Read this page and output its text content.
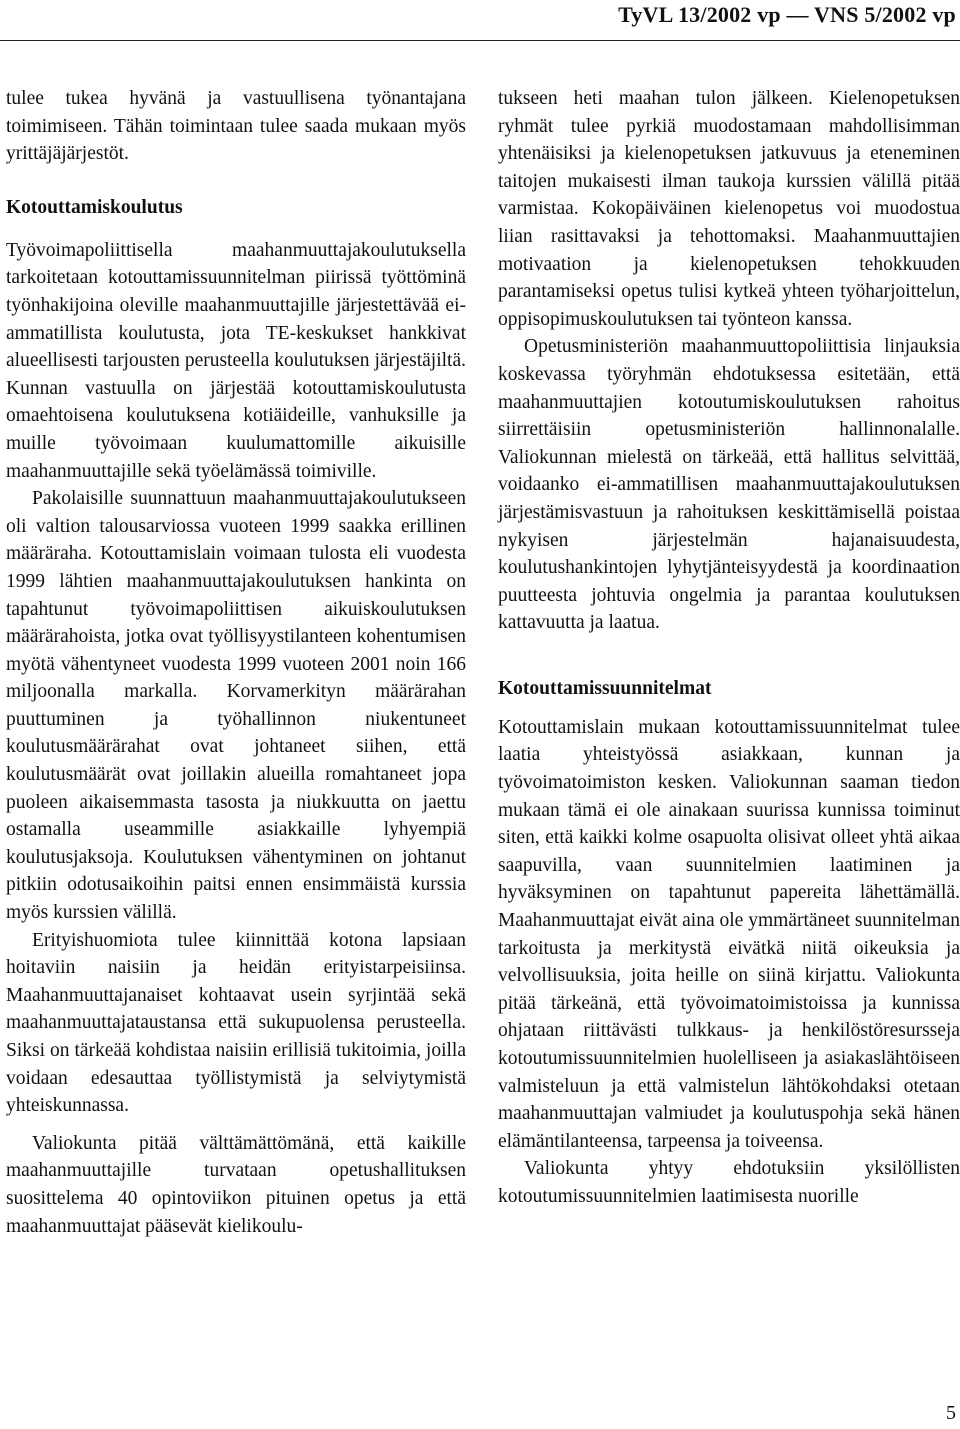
TyVL 13/2002 vp — VNS 5/2002 vp

tulee tukea hyvänä ja vastuullisena työnantajana toimimiseen. Tähän toimintaan tulee saada mukaan myös yrittäjäjärjestöt.

Kotouttamiskoulutus

Työvoimapoliittisella maahanmuuttajakoulutuksella tarkoitetaan kotouttamissuunnitelman piirissä työttöminä työnhakijoina oleville maahanmuuttajille järjestettävää ei-ammatillista koulutusta, jota TE-keskukset hankkivat alueellisesti tarjousten perusteella koulutuksen järjestäjiltä. Kunnan vastuulla on järjestää kotouttamiskoulutusta omaehtoisena koulutuksena kotiäideille, vanhuksille ja muille työvoimaan kuulumattomille aikuisille maahanmuuttajille sekä työelämässä toimiville.

Pakolaisille suunnattuun maahanmuuttajakoulutukseen oli valtion talousarviossa vuoteen 1999 saakka erillinen määräraha. Kotouttamislain voimaan tulosta eli vuodesta 1999 lähtien maahanmuuttajakoulutuksen hankinta on tapahtunut työvoimapoliittisen aikuiskoulutuksen määrärahoista, jotka ovat työllisyystilanteen kohentumisen myötä vähentyneet vuodesta 1999 vuoteen 2001 noin 166 miljoonalla markalla. Korvamerkityn määrärahan puuttuminen ja työhallinnon niukentuneet koulutusmäärärahat ovat johtaneet siihen, että koulutusmäärät ovat joillakin alueilla romahtaneet jopa puoleen aikaisemmasta tasosta ja niukkuutta on jaettu ostamalla useammille asiakkaille lyhyempiä koulutusjaksoja. Koulutuksen vähentyminen on johtanut pitkiin odotusaikoihin paitsi ennen ensimmäistä kurssia myös kurssien välillä.

Erityishuomiota tulee kiinnittää kotona lapsiaan hoitaviin naisiin ja heidän erityistarpeisiinsa. Maahanmuuttajanaiset kohtaavat usein syrjintää sekä maahanmuuttajataustansa että sukupuolensa perusteella. Siksi on tärkeää kohdistaa naisiin erillisiä tukitoimia, joilla voidaan edesauttaa työllistymistä ja selviytymistä yhteiskunnassa.

Valiokunta pitää välttämättömänä, että kaikille maahanmuuttajille turvataan opetushallituksen suosittelema 40 opintoviikon pituinen opetus ja että maahanmuuttajat pääsevät kielikoulu-

tukseen heti maahan tulon jälkeen. Kielenopetuksen ryhmät tulee pyrkiä muodostamaan mahdollisimman yhtenäisiksi ja kielenopetuksen jatkuvuus ja eteneminen taitojen mukaisesti ilman taukoja kurssien välillä pitää varmistaa. Kokopäiväinen kielenopetus voi muodostua liian rasittavaksi ja tehottomaksi. Maahanmuuttajien motivaation ja kielenopetuksen tehokkuuden parantamiseksi opetus tulisi kytkeä yhteen työharjoittelun, oppisopimuskoulutuksen tai työnteon kanssa.

Opetusministeriön maahanmuuttopoliittisia linjauksia koskevassa työryhmän ehdotuksessa esitetään, että maahanmuuttajien kotoutumiskoulutuksen rahoitus siirrettäisiin opetusministeriön hallinnonalalle. Valiokunnan mielestä on tärkeää, että hallitus selvittää, voidaanko ei-ammatillisen maahanmuuttajakoulutuksen järjestämisvastuun ja rahoituksen keskittämisellä poistaa nykyisen järjestelmän hajanaisuudesta, koulutushankintojen lyhytjänteisyydestä ja koordinaation puutteesta johtuvia ongelmia ja parantaa koulutuksen kattavuutta ja laatua.

Kotouttamissuunnitelmat

Kotouttamislain mukaan kotouttamissuunnitelmat tulee laatia yhteistyössä asiakkaan, kunnan ja työvoimatoimiston kesken. Valiokunnan saaman tiedon mukaan tämä ei ole ainakaan suurissa kunnissa toiminut siten, että kaikki kolme osapuolta olisivat olleet yhtä aikaa saapuvilla, vaan suunnitelmien laatiminen ja hyväksyminen on tapahtunut papereita lähettämällä. Maahanmuuttajat eivät aina ole ymmärtäneet suunnitelman tarkoitusta ja merkitystä eivätkä niitä oikeuksia ja velvollisuuksia, joita heille on siinä kirjattu. Valiokunta pitää tärkeänä, että työvoimatoimistoissa ja kunnissa ohjataan riittävästi tulkkaus- ja henkilöstöresursseja kotoutumissuunnitelmien huolelliseen ja asiakaslähtöiseen valmisteluun ja että valmistelun lähtökohdaksi otetaan maahanmuuttajan valmiudet ja koulutuspohja sekä hänen elämäntilanteensa, tarpeensa ja toiveensa.

Valiokunta yhtyy ehdotuksiin yksilöllisten kotoutumissuunnitelmien laatimisesta nuorille

5
